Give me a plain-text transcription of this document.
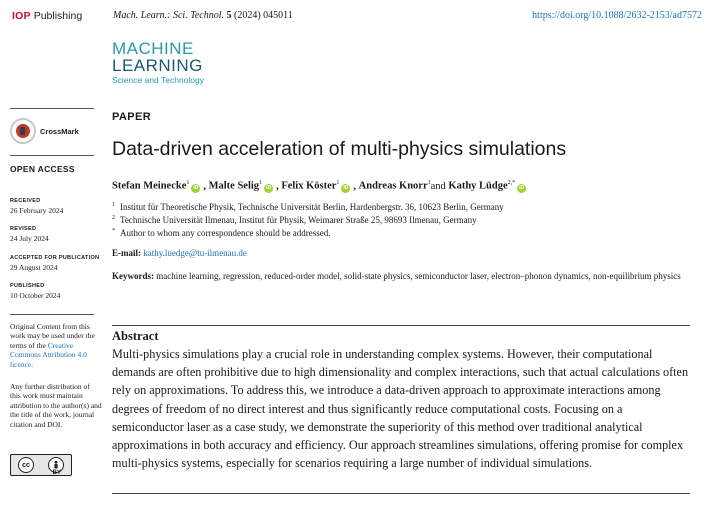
IOP Publishing	Mach. Learn.: Sci. Technol. 5 (2024) 045011	https://doi.org/10.1088/2632-2153/ad7572
MACHINE
LEARNING
Science and Technology
CrossMark
OPEN ACCESS
RECEIVED
26 February 2024
REVISED
24 July 2024
ACCEPTED FOR PUBLICATION
29 August 2024
PUBLISHED
10 October 2024
Original Content from this work may be used under the terms of the Creative Commons Attribution 4.0 licence.
Any further distribution of this work must maintain attribution to the author(s) and the title of the work, journal citation and DOI.
cc
BY
PAPER
Data-driven acceleration of multi-physics simulations
Stefan Meinecke$^1$
iD ,
Malte Selig$^1$
iD ,
Felix Köster$^1$
iD ,
Andreas Knorr$^1$ and
Kathy Lüdge$^{2,*}$
iD
$^1$ Institut für Theoretische Physik, Technische Universität Berlin, Hardenbergstr. 36, 10623 Berlin, Germany
$^2$ Technische Universität Ilmenau, Institut für Physik, Weimarer Straße 25, 98693 Ilmenau, Germany
* Author to whom any correspondence should be addressed.
E-mail: kathy.luedge@tu-ilmenau.de
Keywords: machine learning, regression, reduced-order model, solid-state physics, semiconductor laser, electron–phonon dynamics, non-equilibrium physics
Abstract

Multi-physics simulations play a crucial role in understanding complex systems. However, their computational demands are often prohibitive due to high dimensionality and complex interactions, such that actual calculations often rely on approximations. To address this, we introduce a data-driven approach to approximate interactions among degrees of freedom of no direct interest and thus significantly reduce computational costs. Focusing on a semiconductor laser as a case study, we demonstrate the superiority of this method over traditional analytical approximations in both accuracy and efficiency. Our approach streamlines simulations, offering promise for complex multi-physics systems, especially for scenarios requiring a large number of individual simulations.
